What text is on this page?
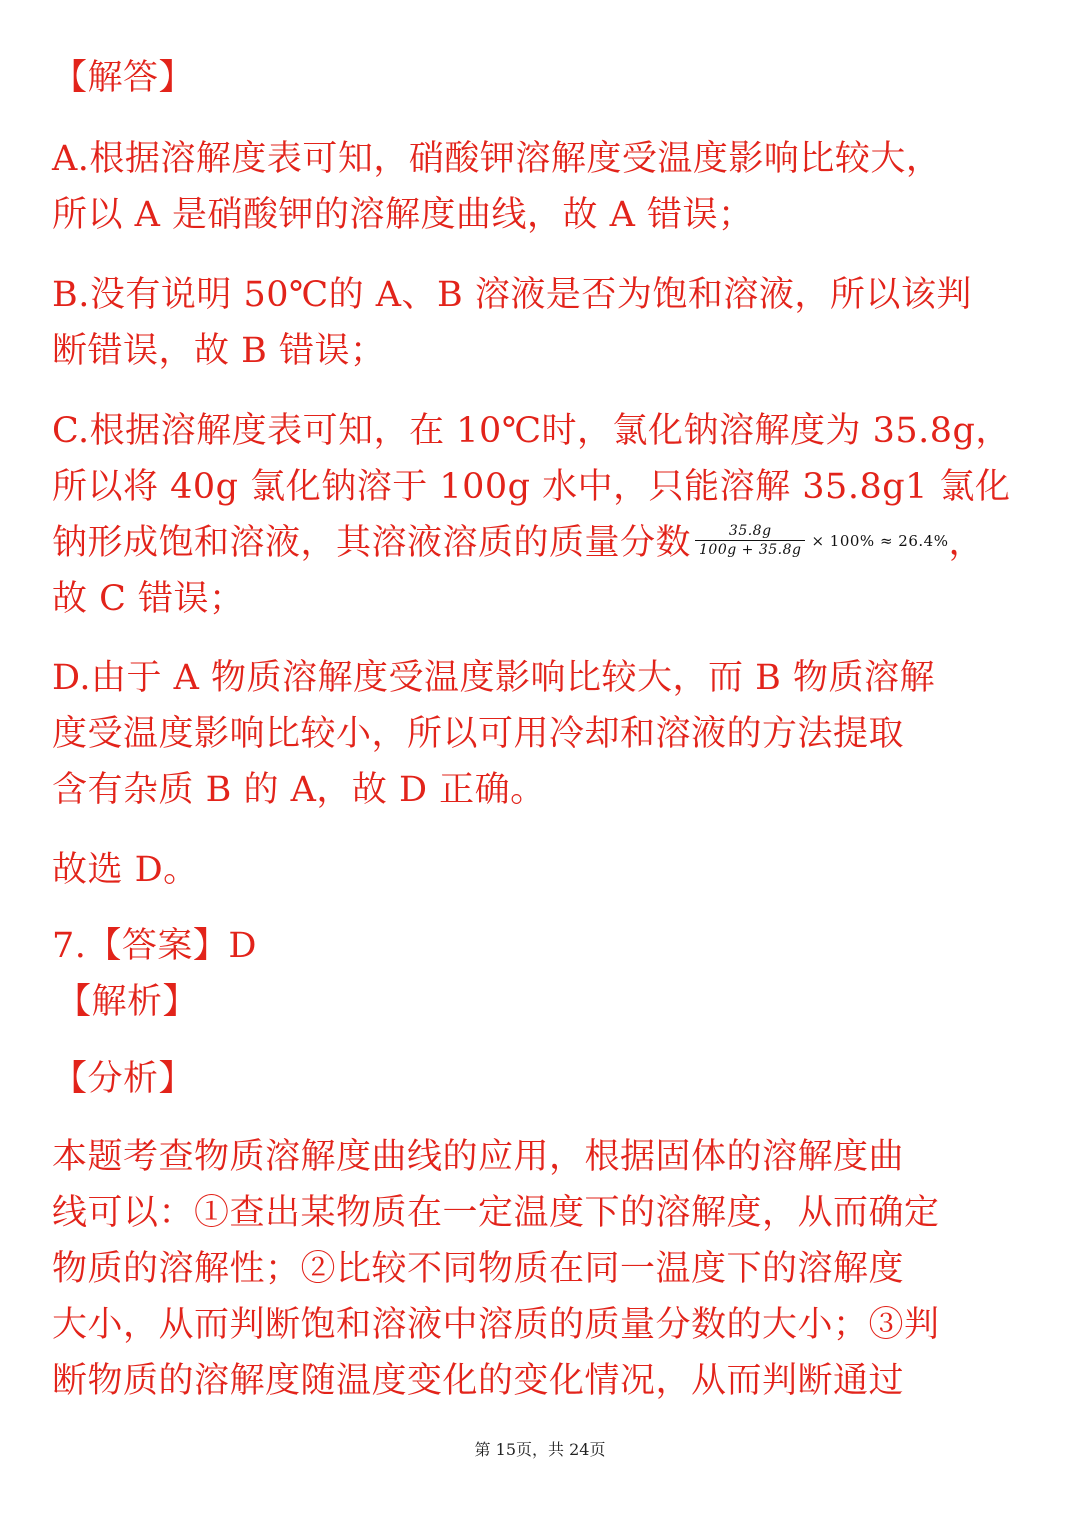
【解答】
A.根据溶解度表可知，硝酸钾溶解度受温度影响比较大，
所以 A 是硝酸钾的溶解度曲线，故 A 错误；
B.没有说明 50℃的 A、B 溶液是否为饱和溶液，所以该判
断错误，故 B 错误；
C.根据溶解度表可知，在 10℃时，氯化钠溶解度为 35.8g，
所以将 40g 氯化钠溶于 100g 水中，只能溶解 35.8g1 氯化
钠形成饱和溶液，其溶液溶质的质量分数 $\frac{35.8g}{100g + 35.8g} \times 100\% \approx 26.4\%$，
故 C 错误；
D.由于 A 物质溶解度受温度影响比较大，而 B 物质溶解
度受温度影响比较小，所以可用冷却和溶液的方法提取
含有杂质 B 的 A，故 D 正确。
故选 D。
7.【答案】D
【解析】
【分析】
本题考查物质溶解度曲线的应用，根据固体的溶解度曲
线可以：①查出某物质在一定温度下的溶解度，从而确定
物质的溶解性；②比较不同物质在同一温度下的溶解度
大小，从而判断饱和溶液中溶质的质量分数的大小；③判
断物质的溶解度随温度变化的变化情况，从而判断通过
第 15页，共 24页
